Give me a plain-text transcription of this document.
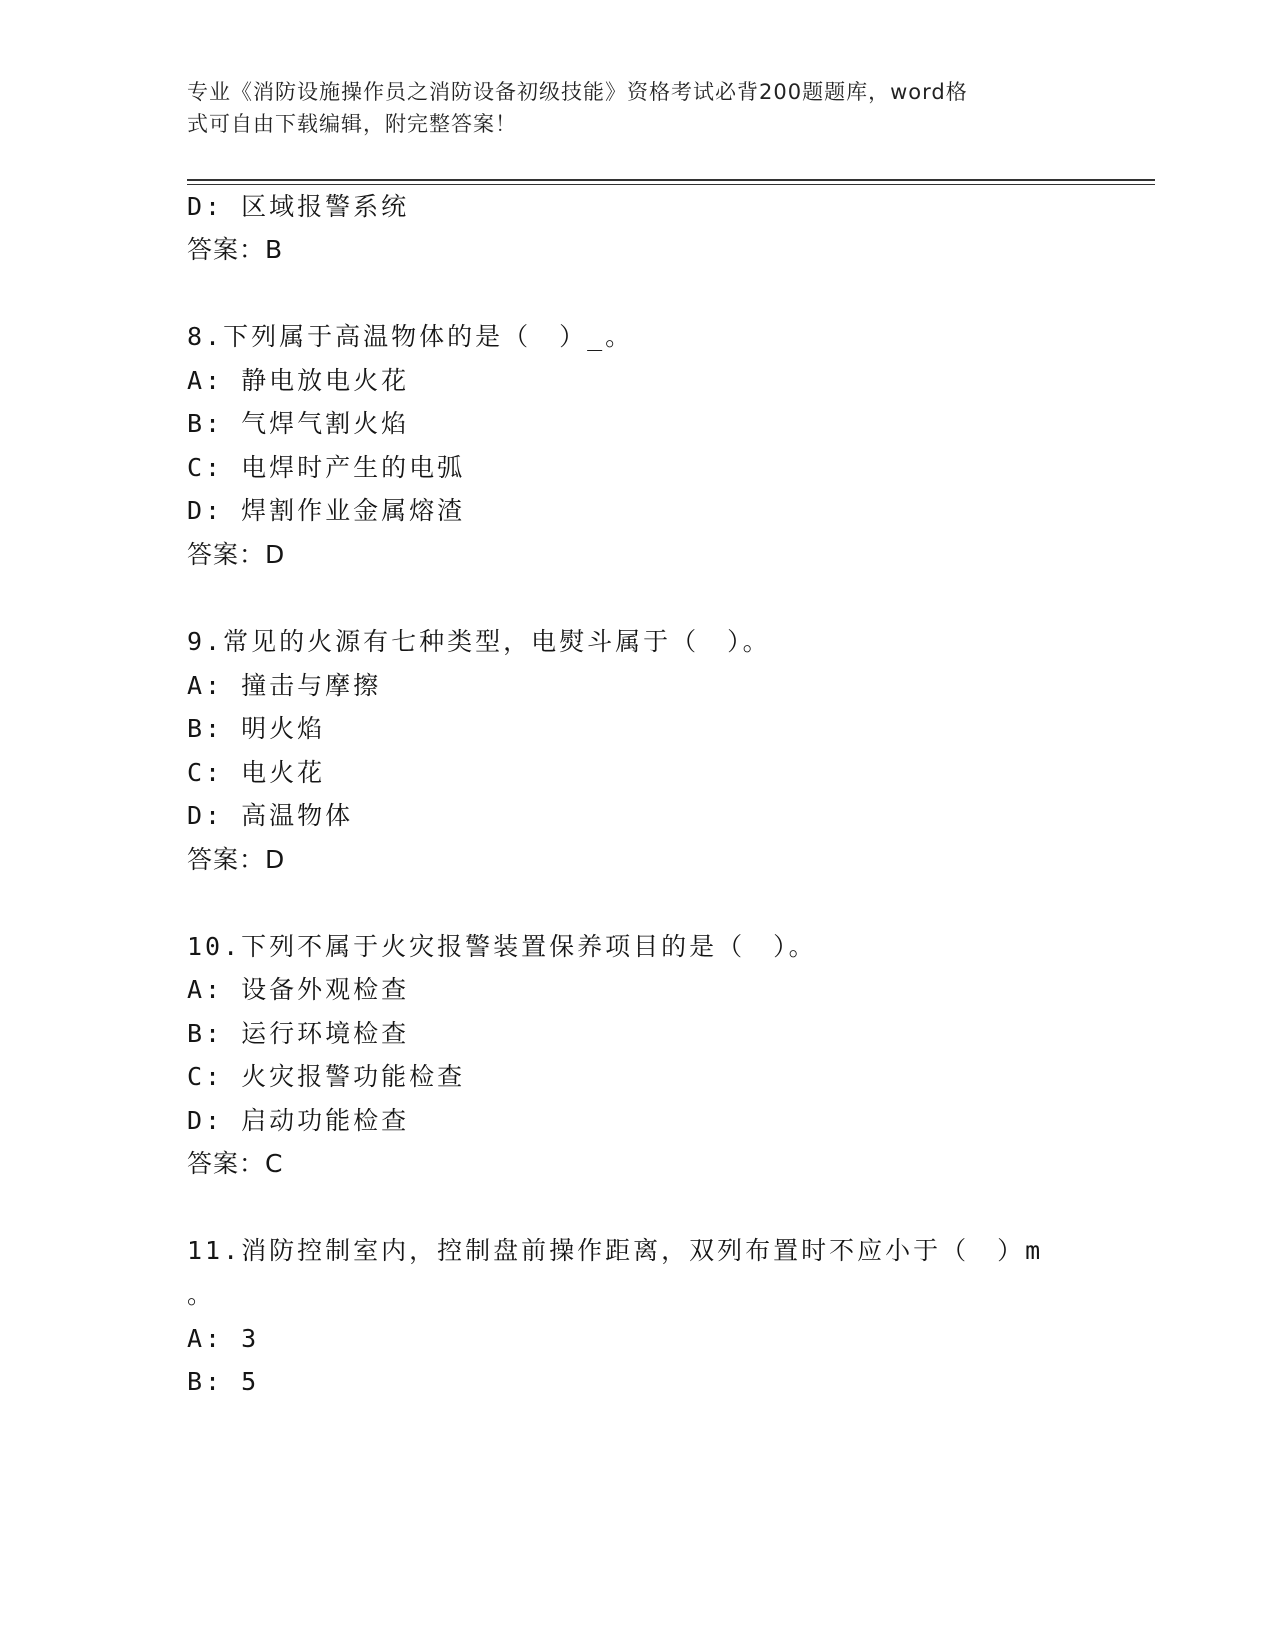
专业《消防设施操作员之消防设备初级技能》资格考试必背200题题库，word格
式可自由下载编辑，附完整答案！
D: 区域报警系统
答案：B
8.下列属于高温物体的是（　）_。
A: 静电放电火花
B: 气焊气割火焰
C: 电焊时产生的电弧
D: 焊割作业金属熔渣
答案：D
9.常见的火源有七种类型，电熨斗属于（　）。
A: 撞击与摩擦
B: 明火焰
C: 电火花
D: 高温物体
答案：D
10.下列不属于火灾报警装置保养项目的是（　）。
A: 设备外观检查
B: 运行环境检查
C: 火灾报警功能检查
D: 启动功能检查
答案：C
11.消防控制室内，控制盘前操作距离，双列布置时不应小于（　）m
。
A: 3
B: 5
